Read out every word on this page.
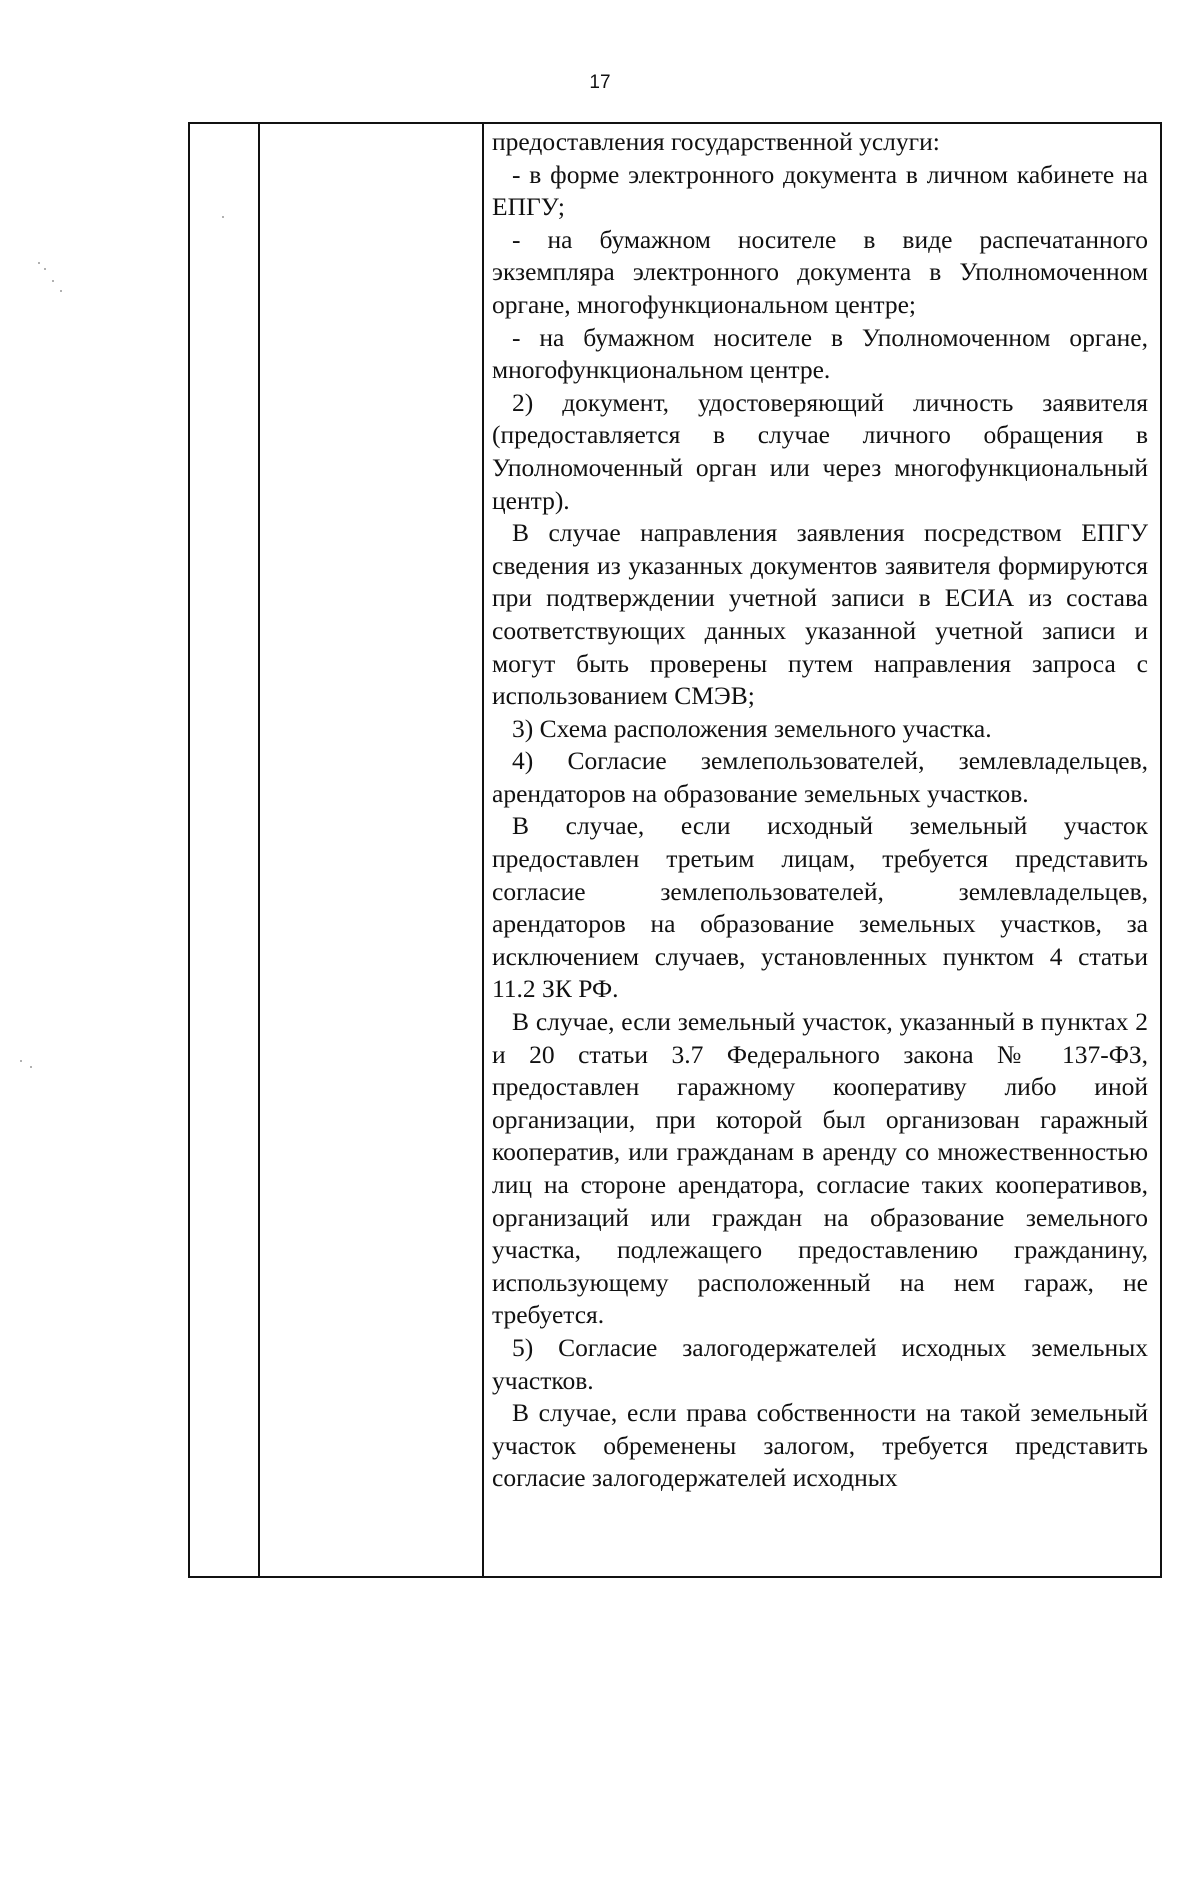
17

предоставления государственной услуги:

- в форме электронного документа в личном кабинете на ЕПГУ;

- на бумажном носителе в виде распечатанного экземпляра электронного документа в Уполномоченном органе, многофункциональном центре;

- на бумажном носителе в Уполномоченном органе, многофункциональном центре.

2) документ, удостоверяющий личность заявителя (предоставляется в случае личного обращения в Уполномоченный орган или через многофункциональный центр).

В случае направления заявления посредством ЕПГУ сведения из указанных документов заявителя формируются при подтверждении учетной записи в ЕСИА из состава соответствующих данных указанной учетной записи и могут быть проверены путем направления запроса с использованием СМЭВ;

3) Схема расположения земельного участка.

4) Согласие землепользователей, землевладельцев, арендаторов на образование земельных участков.

В случае, если исходный земельный участок предоставлен третьим лицам, требуется представить согласие землепользователей, землевладельцев, арендаторов на образование земельных участков, за исключением случаев, установленных пунктом 4 статьи 11.2 ЗК РФ.

В случае, если земельный участок, указанный в пунктах 2 и 20 статьи 3.7 Федерального закона № 137-ФЗ, предоставлен гаражному кооперативу либо иной организации, при которой был организован гаражный кооператив, или гражданам в аренду со множественностью лиц на стороне арендатора, согласие таких кооперативов, организаций или граждан на образование земельного участка, подлежащего предоставлению гражданину, использующему расположенный на нем гараж, не требуется.

5) Согласие залогодержателей исходных земельных участков.

В случае, если права собственности на такой земельный участок обременены залогом, требуется представить согласие залогодержателей исходных
